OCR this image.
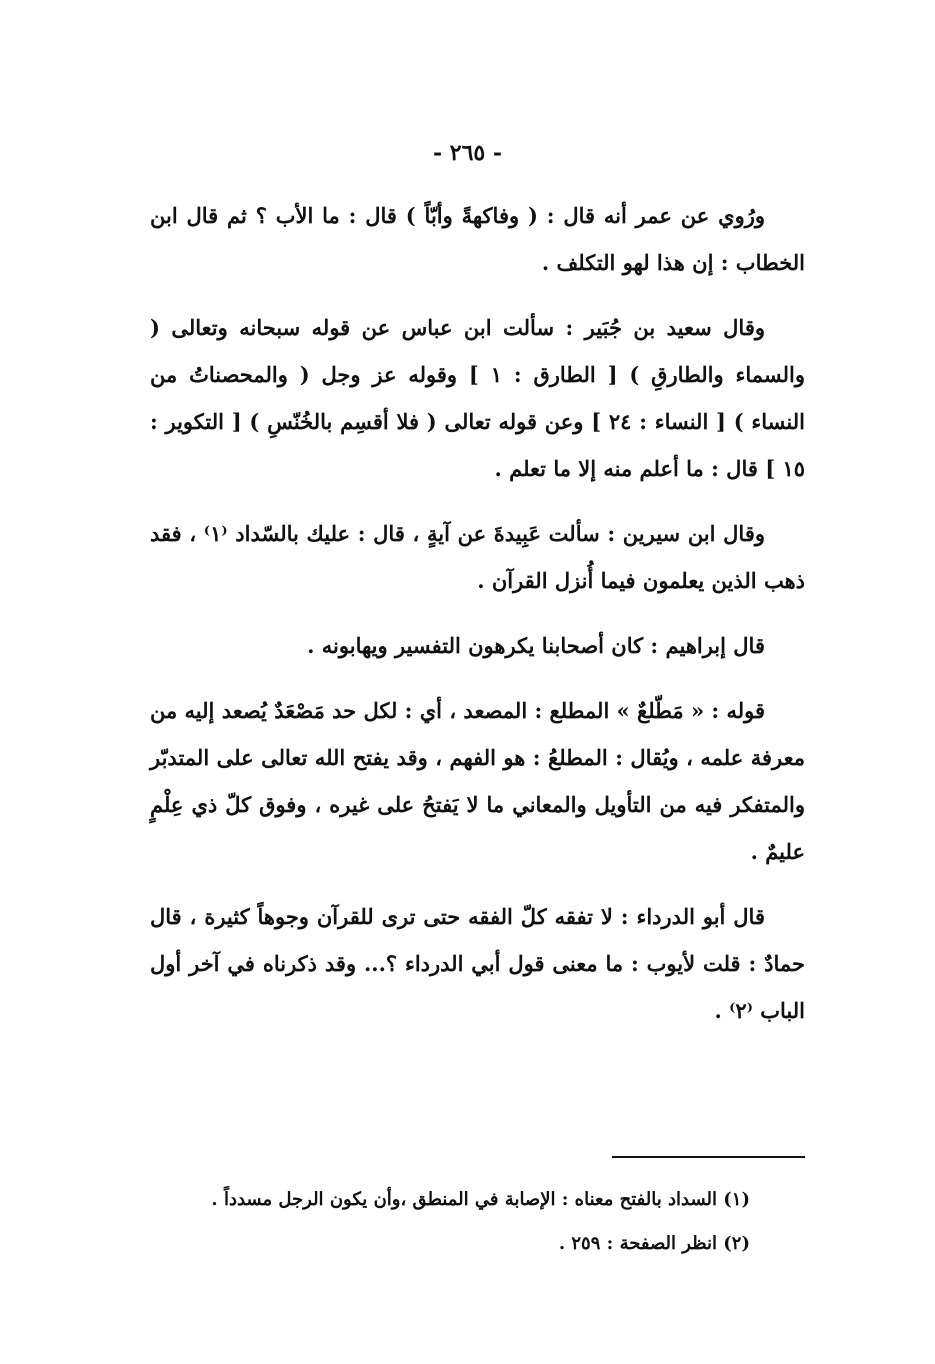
- ٢٦٥ -

ورُوي عن عمر أنه قال : ( وفاكهةً وأبّاً ) قال : ما الأب ؟ ثم قال ابن الخطاب : إن هذا لهو التكلف .

وقال سعيد بن جُبَير : سألت ابن عباس عن قوله سبحانه وتعالى ( والسماء والطارقِ ) [ الطارق : ١ ] وقوله عز وجل ( والمحصناتُ من النساء ) [ النساء : ٢٤ ] وعن قوله تعالى ( فلا أقسِم بالخُنّسِ ) [ التكوير : ١٥ ] قال : ما أعلم منه إلا ما تعلم .

وقال ابن سيرين : سألت عَبِيدةَ عن آيةٍ ، قال : عليك بالسّداد ⁽١⁾ ، فقد ذهب الذين يعلمون فيما أُنزل القرآن .

قال إبراهيم : كان أصحابنا يكرهون التفسير ويهابونه .

قوله : « مَطّلعٌ » المطلع : المصعد ، أي : لكل حد مَصْعَدٌ يُصعد إليه من معرفة علمه ، ويُقال : المطلعُ : هو الفهم ، وقد يفتح الله تعالى على المتدبّر والمتفكر فيه من التأويل والمعاني ما لا يَفتحُ على غيره ، وفوق كلّ ذي عِلْمٍ عليمٌ .

قال أبو الدرداء : لا تفقه كلّ الفقه حتى ترى للقرآن وجوهاً كثيرة ، قال حمادٌ : قلت لأيوب : ما معنى قول أبي الدرداء ؟... وقد ذكرناه في آخر أول الباب ⁽٢⁾ .

(١) السداد بالفتح معناه : الإصابة في المنطق ،وأن يكون الرجل مسدداً .

(٢) انظر الصفحة : ٢٥٩ .
